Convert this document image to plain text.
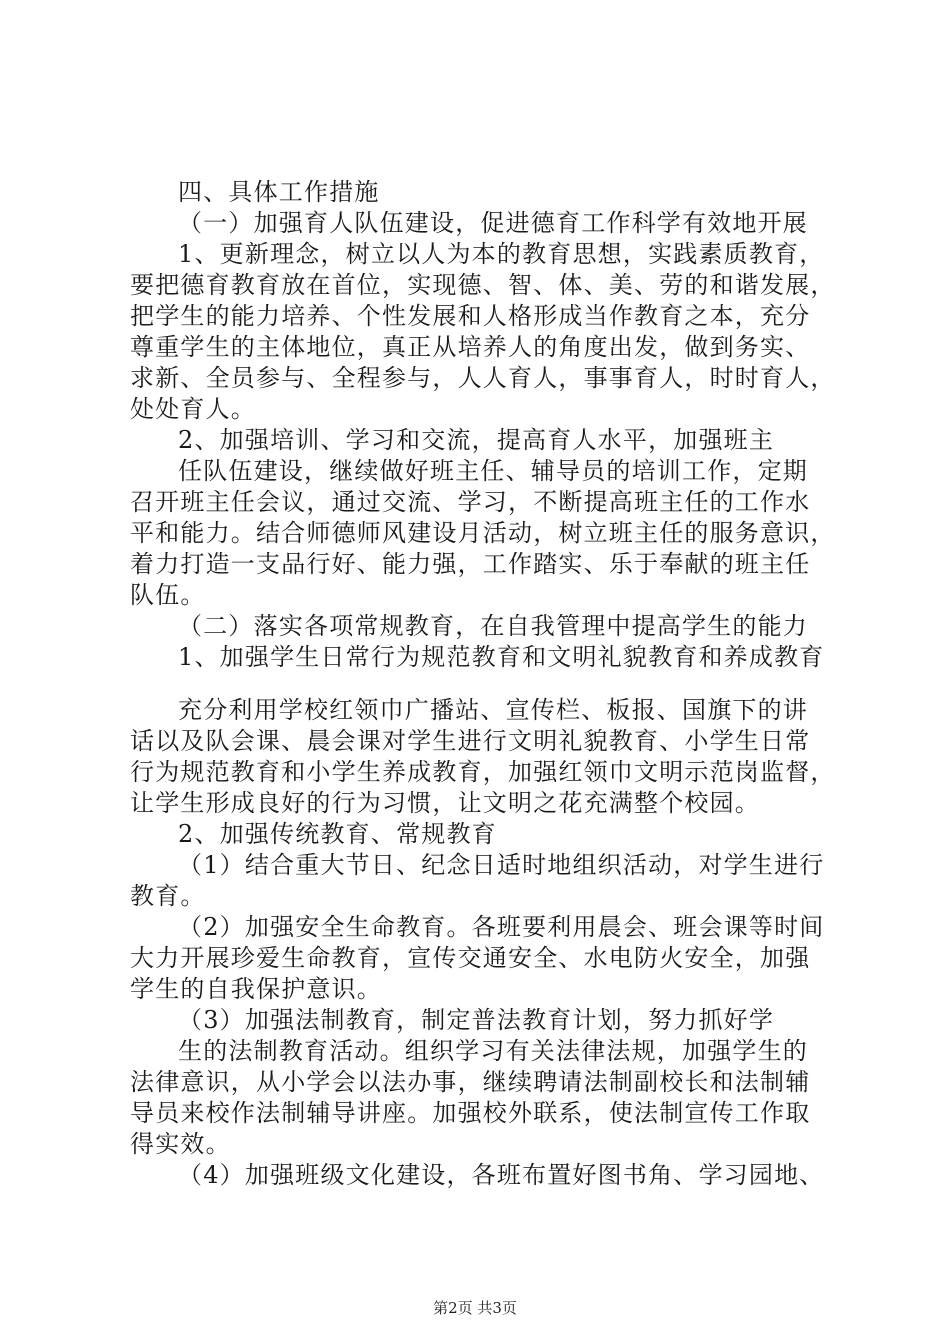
四、具体工作措施
（一）加强育人队伍建设，促进德育工作科学有效地开展
1、更新理念，树立以人为本的教育思想，实践素质教育，
要把德育教育放在首位，实现德、智、体、美、劳的和谐发展，
把学生的能力培养、个性发展和人格形成当作教育之本，充分
尊重学生的主体地位，真正从培养人的角度出发，做到务实、
求新、全员参与、全程参与，人人育人，事事育人，时时育人，
处处育人。
2、加强培训、学习和交流，提高育人水平，加强班主
任队伍建设，继续做好班主任、辅导员的培训工作，定期
召开班主任会议，通过交流、学习，不断提高班主任的工作水
平和能力。结合师德师风建设月活动，树立班主任的服务意识，
着力打造一支品行好、能力强，工作踏实、乐于奉献的班主任
队伍。
（二）落实各项常规教育，在自我管理中提高学生的能力
1、加强学生日常行为规范教育和文明礼貌教育和养成教育
充分利用学校红领巾广播站、宣传栏、板报、国旗下的讲
话以及队会课、晨会课对学生进行文明礼貌教育、小学生日常
行为规范教育和小学生养成教育，加强红领巾文明示范岗监督，
让学生形成良好的行为习惯，让文明之花充满整个校园。
2、加强传统教育、常规教育
（1）结合重大节日、纪念日适时地组织活动，对学生进行
教育。
（2）加强安全生命教育。各班要利用晨会、班会课等时间
大力开展珍爱生命教育，宣传交通安全、水电防火安全，加强
学生的自我保护意识。
（3）加强法制教育，制定普法教育计划，努力抓好学
生的法制教育活动。组织学习有关法律法规，加强学生的
法律意识，从小学会以法办事，继续聘请法制副校长和法制辅
导员来校作法制辅导讲座。加强校外联系，使法制宣传工作取
得实效。
（4）加强班级文化建设，各班布置好图书角、学习园地、
第2页 共3页
